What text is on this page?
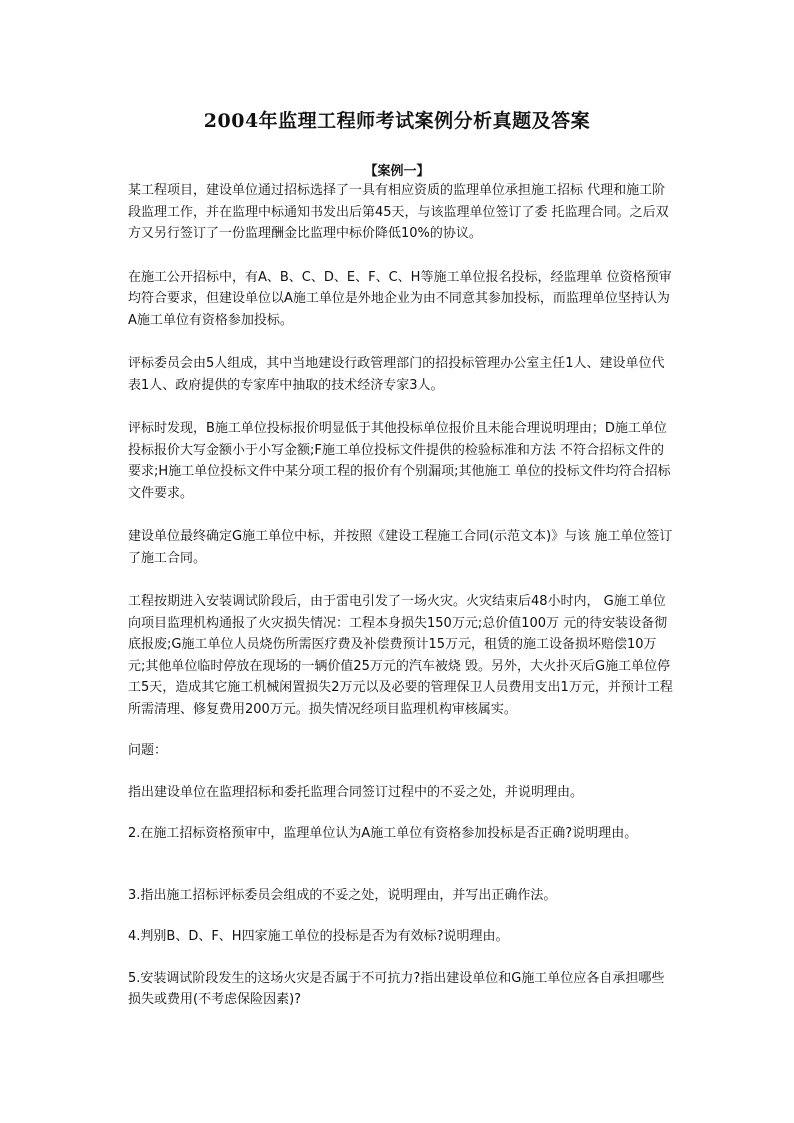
2004年监理工程师考试案例分析真题及答案
【案例一】

某工程项目，建设单位通过招标选择了一具有相应资质的监理单位承担施工招标 代理和施工阶段监理工作，并在监理中标通知书发出后第45天，与该监理单位签订了委 托监理合同。之后双方又另行签订了一份监理酬金比监理中标价降低10%的协议。

在施工公开招标中，有A、B、C、D、E、F、C、H等施工单位报名投标，经监理单 位资格预审均符合要求，但建设单位以A施工单位是外地企业为由不同意其参加投标，而监理单位坚持认为A施工单位有资格参加投标。

评标委员会由5人组成，其中当地建设行政管理部门的招投标管理办公室主任1人、建设单位代表1人、政府提供的专家库中抽取的技术经济专家3人。

评标时发现，B施工单位投标报价明显低于其他投标单位报价且未能合理说明理由；D施工单位投标报价大写金额小于小写金额;F施工单位投标文件提供的检验标准和方法 不符合招标文件的要求;H施工单位投标文件中某分项工程的报价有个别漏项;其他施工 单位的投标文件均符合招标文件要求。

建设单位最终确定G施工单位中标，并按照《建设工程施工合同(示范文本)》与该 施工单位签订了施工合同。

工程按期进入安装调试阶段后，由于雷电引发了一场火灾。火灾结束后48小时内， G施工单位向项目监理机构通报了火灾损失情况：工程本身损失150万元;总价值100万 元的待安装设备彻底报废;G施工单位人员烧伤所需医疗费及补偿费预计15万元，租赁的施工设备损坏赔偿10万元;其他单位临时停放在现场的一辆价值25万元的汽车被烧 毁。另外，大火扑灭后G施工单位停工5天，造成其它施工机械闲置损失2万元以及必要的管理保卫人员费用支出1万元，并预计工程所需清理、修复费用200万元。损失情况经项目监理机构审核属实。

问题：

指出建设单位在监理招标和委托监理合同签订过程中的不妥之处，并说明理由。

2.在施工招标资格预审中，监理单位认为A施工单位有资格参加投标是否正确?说明理由。

3.指出施工招标评标委员会组成的不妥之处，说明理由，并写出正确作法。

4.判别B、D、F、H四家施工单位的投标是否为有效标?说明理由。

5.安装调试阶段发生的这场火灾是否属于不可抗力?指出建设单位和G施工单位应各自承担哪些损失或费用(不考虑保险因素)?
